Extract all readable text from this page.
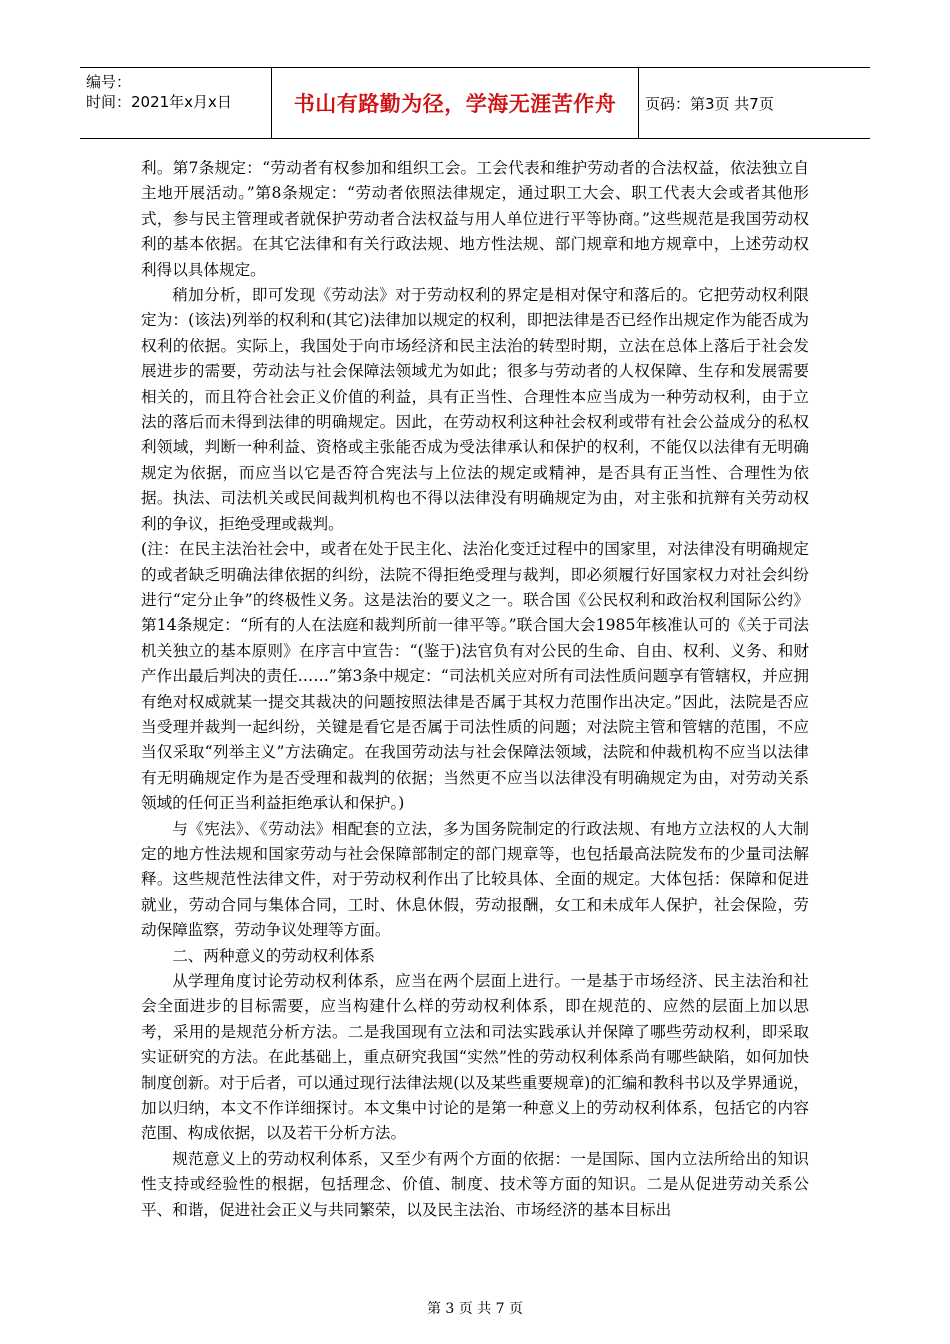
编号：
时间：2021年x月x日	书山有路勤为径，学海无涯苦作舟	页码：第3页 共7页

利。第7条规定：“劳动者有权参加和组织工会。工会代表和维护劳动者的合法权益，依法独立自主地开展活动。”第8条规定：“劳动者依照法律规定，通过职工大会、职工代表大会或者其他形式，参与民主管理或者就保护劳动者合法权益与用人单位进行平等协商。”这些规范是我国劳动权利的基本依据。在其它法律和有关行政法规、地方性法规、部门规章和地方规章中，上述劳动权利得以具体规定。

稍加分析，即可发现《劳动法》对于劳动权利的界定是相对保守和落后的。它把劳动权利限定为：(该法)列举的权利和(其它)法律加以规定的权利，即把法律是否已经作出规定作为能否成为权利的依据。实际上，我国处于向市场经济和民主法治的转型时期，立法在总体上落后于社会发展进步的需要，劳动法与社会保障法领域尤为如此；很多与劳动者的人权保障、生存和发展需要相关的，而且符合社会正义价值的利益，具有正当性、合理性本应当成为一种劳动权利，由于立法的落后而未得到法律的明确规定。因此，在劳动权利这种社会权利或带有社会公益成分的私权利领域，判断一种利益、资格或主张能否成为受法律承认和保护的权利，不能仅以法律有无明确规定为依据，而应当以它是否符合宪法与上位法的规定或精神，是否具有正当性、合理性为依据。执法、司法机关或民间裁判机构也不得以法律没有明确规定为由，对主张和抗辩有关劳动权利的争议，拒绝受理或裁判。

(注：在民主法治社会中，或者在处于民主化、法治化变迁过程中的国家里，对法律没有明确规定的或者缺乏明确法律依据的纠纷，法院不得拒绝受理与裁判，即必须履行好国家权力对社会纠纷进行“定分止争”的终极性义务。这是法治的要义之一。联合国《公民权利和政治权利国际公约》第14条规定：“所有的人在法庭和裁判所前一律平等。”联合国大会1985年核准认可的《关于司法机关独立的基本原则》在序言中宣告：“(鉴于)法官负有对公民的生命、自由、权利、义务、和财产作出最后判决的责任……”第3条中规定：“司法机关应对所有司法性质问题享有管辖权，并应拥有绝对权威就某一提交其裁决的问题按照法律是否属于其权力范围作出决定。”因此，法院是否应当受理并裁判一起纠纷，关键是看它是否属于司法性质的问题；对法院主管和管辖的范围，不应当仅采取“列举主义”方法确定。在我国劳动法与社会保障法领域，法院和仲裁机构不应当以法律有无明确规定作为是否受理和裁判的依据；当然更不应当以法律没有明确规定为由，对劳动关系领域的任何正当利益拒绝承认和保护。)

与《宪法》、《劳动法》相配套的立法，多为国务院制定的行政法规、有地方立法权的人大制定的地方性法规和国家劳动与社会保障部制定的部门规章等，也包括最高法院发布的少量司法解释。这些规范性法律文件，对于劳动权利作出了比较具体、全面的规定。大体包括：保障和促进就业，劳动合同与集体合同，工时、休息休假，劳动报酬，女工和未成年人保护，社会保险，劳动保障监察，劳动争议处理等方面。

二、两种意义的劳动权利体系

从学理角度讨论劳动权利体系，应当在两个层面上进行。一是基于市场经济、民主法治和社会全面进步的目标需要，应当构建什么样的劳动权利体系，即在规范的、应然的层面上加以思考，采用的是规范分析方法。二是我国现有立法和司法实践承认并保障了哪些劳动权利，即采取实证研究的方法。在此基础上，重点研究我国“实然”性的劳动权利体系尚有哪些缺陷，如何加快制度创新。对于后者，可以通过现行法律法规(以及某些重要规章)的汇编和教科书以及学界通说，加以归纳，本文不作详细探讨。本文集中讨论的是第一种意义上的劳动权利体系，包括它的内容范围、构成依据，以及若干分析方法。

规范意义上的劳动权利体系，又至少有两个方面的依据：一是国际、国内立法所给出的知识性支持或经验性的根据，包括理念、价值、制度、技术等方面的知识。二是从促进劳动关系公平、和谐，促进社会正义与共同繁荣，以及民主法治、市场经济的基本目标出

第 3 页 共 7 页
